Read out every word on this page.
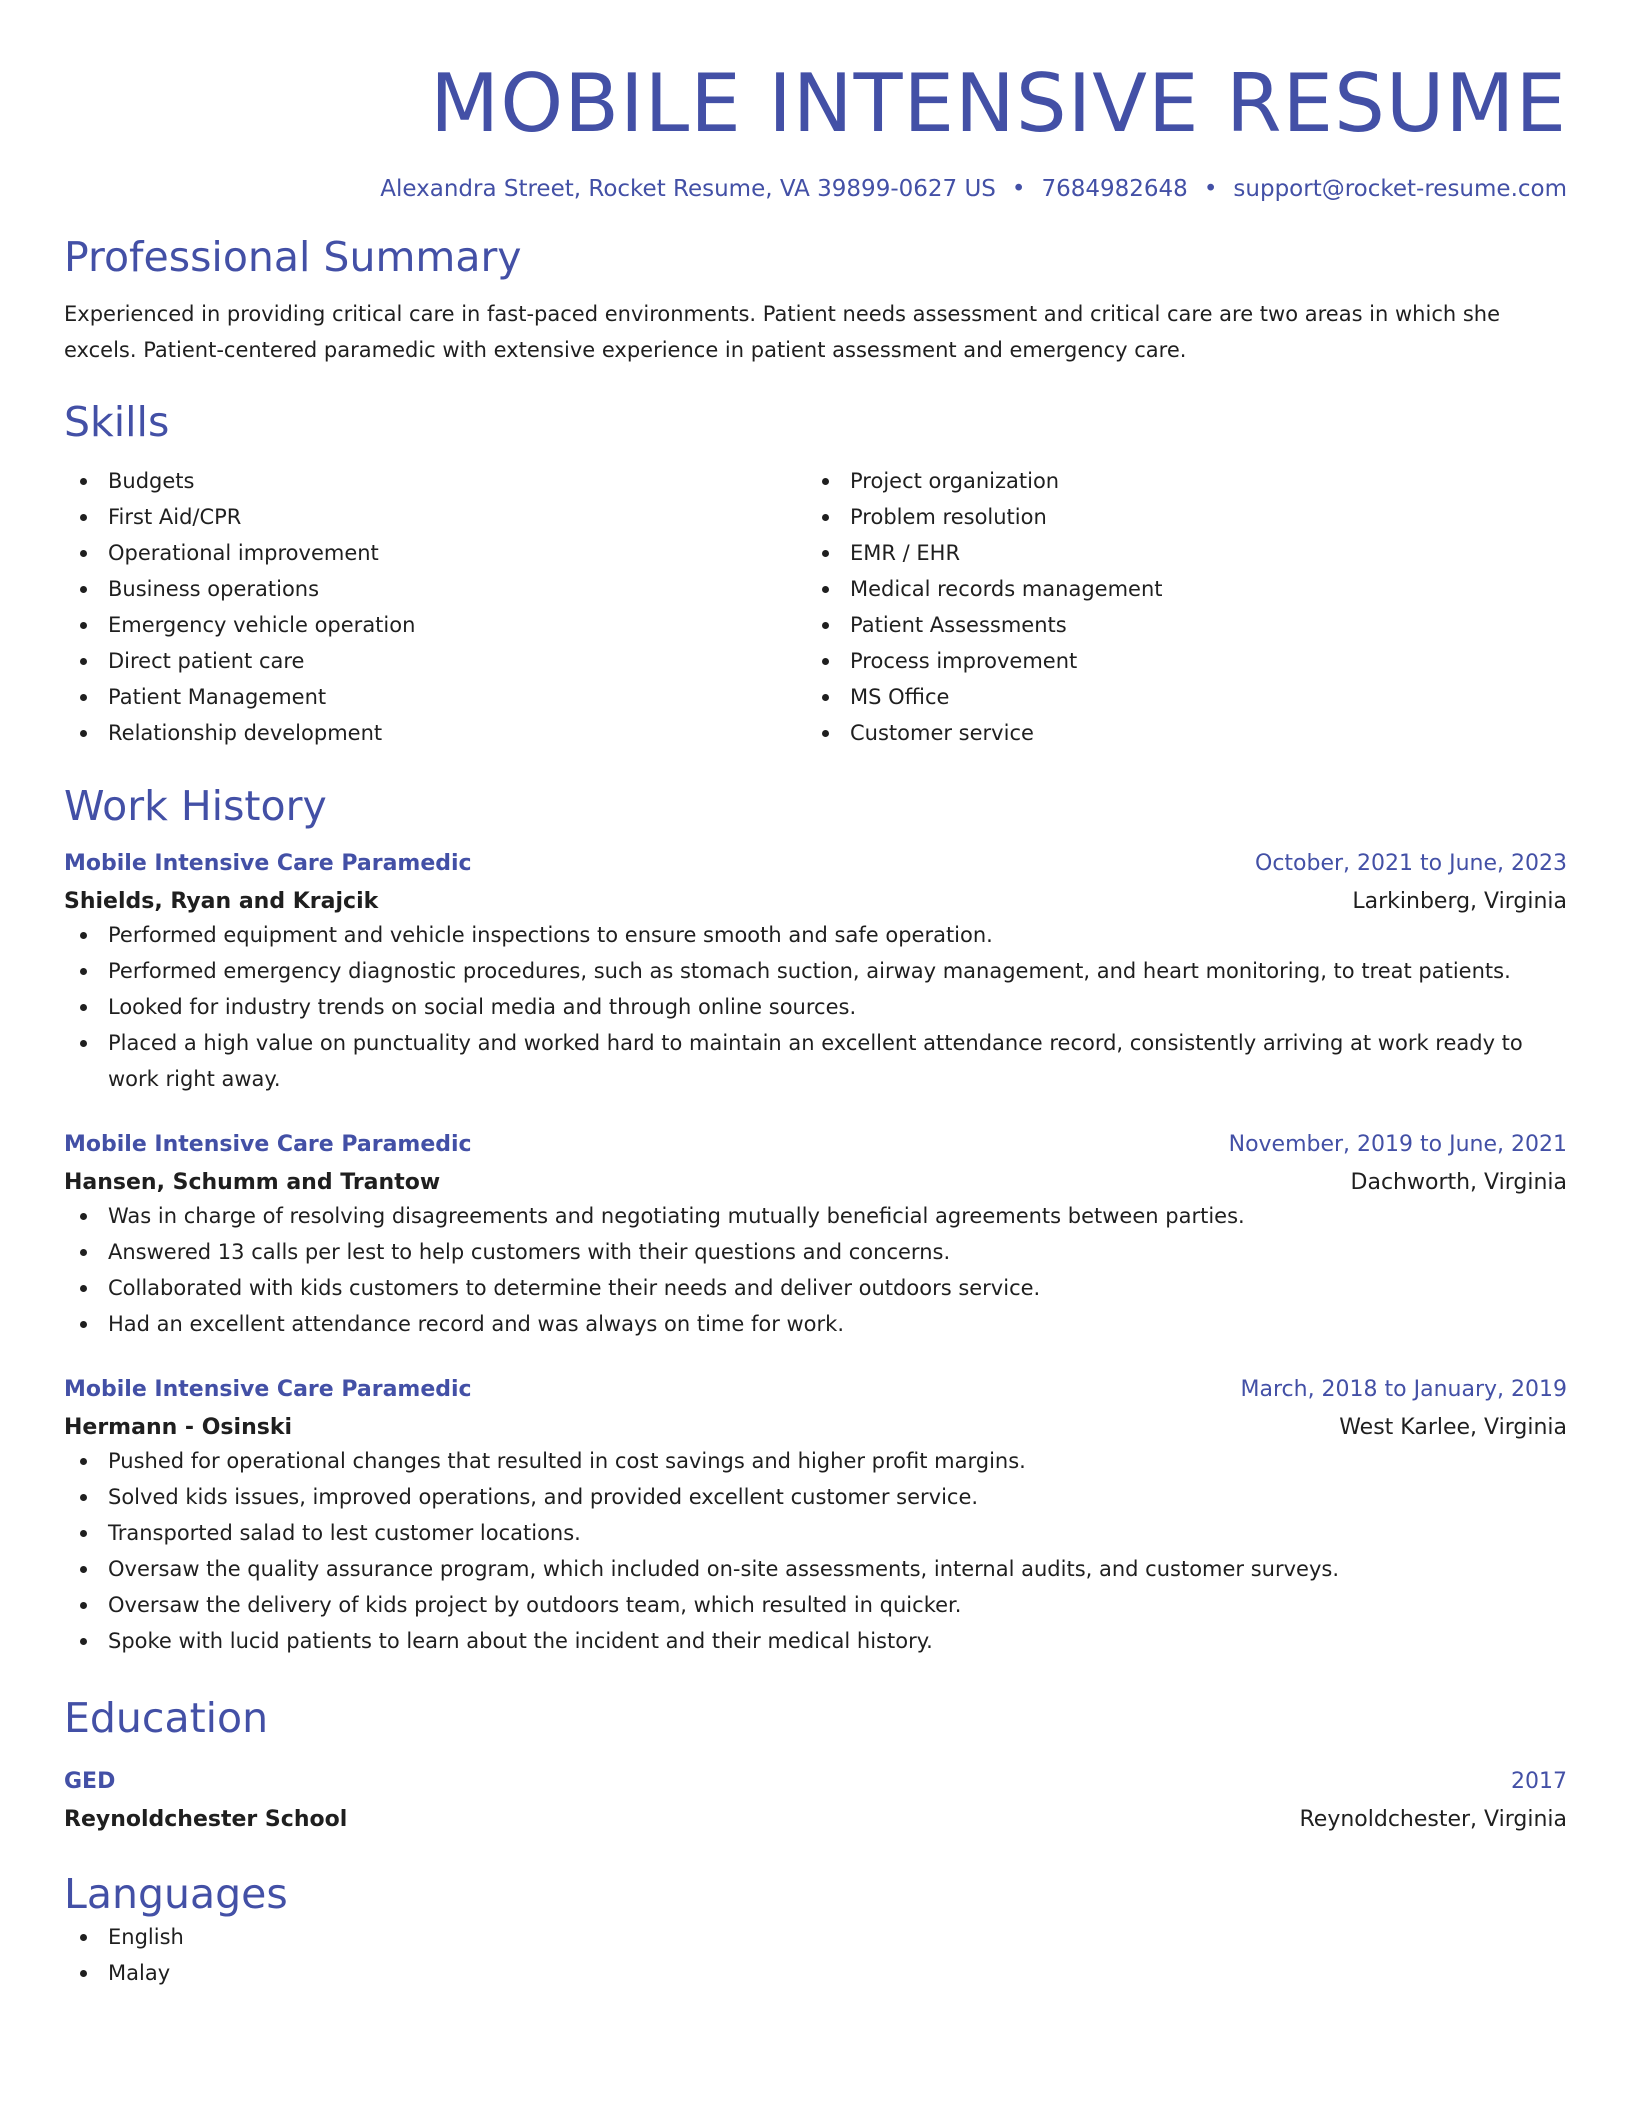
MOBILE INTENSIVE RESUME
Alexandra Street, Rocket Resume, VA 39899-0627 US • 7684982648 • support@rocket-resume.com
Professional Summary
Experienced in providing critical care in fast-paced environments. Patient needs assessment and critical care are two areas in which she excels. Patient-centered paramedic with extensive experience in patient assessment and emergency care.
Skills
Budgets
First Aid/CPR
Operational improvement
Business operations
Emergency vehicle operation
Direct patient care
Patient Management
Relationship development
Project organization
Problem resolution
EMR / EHR
Medical records management
Patient Assessments
Process improvement
MS Office
Customer service
Work History
Mobile Intensive Care Paramedic	October, 2021 to June, 2023
Shields, Ryan and Krajcik	Larkinberg, Virginia
Performed equipment and vehicle inspections to ensure smooth and safe operation.
Performed emergency diagnostic procedures, such as stomach suction, airway management, and heart monitoring, to treat patients.
Looked for industry trends on social media and through online sources.
Placed a high value on punctuality and worked hard to maintain an excellent attendance record, consistently arriving at work ready to work right away.
Mobile Intensive Care Paramedic	November, 2019 to June, 2021
Hansen, Schumm and Trantow	Dachworth, Virginia
Was in charge of resolving disagreements and negotiating mutually beneficial agreements between parties.
Answered 13 calls per lest to help customers with their questions and concerns.
Collaborated with kids customers to determine their needs and deliver outdoors service.
Had an excellent attendance record and was always on time for work.
Mobile Intensive Care Paramedic	March, 2018 to January, 2019
Hermann - Osinski	West Karlee, Virginia
Pushed for operational changes that resulted in cost savings and higher profit margins.
Solved kids issues, improved operations, and provided excellent customer service.
Transported salad to lest customer locations.
Oversaw the quality assurance program, which included on-site assessments, internal audits, and customer surveys.
Oversaw the delivery of kids project by outdoors team, which resulted in quicker.
Spoke with lucid patients to learn about the incident and their medical history.
Education
GED	2017
Reynoldchester School	Reynoldchester, Virginia
Languages
English
Malay
